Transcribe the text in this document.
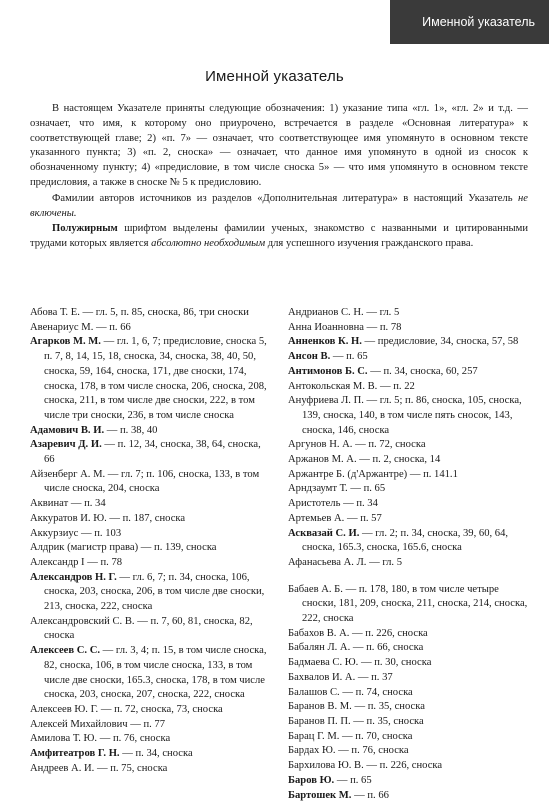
Именной указатель
Именной указатель

В настоящем Указателе приняты следующие обозначения: 1) указание типа «гл. 1», «гл. 2» и т.д. — означает, что имя, к которому оно приурочено, встречается в разделе «Основная литература» к соответствующей главе; 2) «п. 7» — означает, что соответствующее имя упомянуто в основном тексте указанного пункта; 3) «п. 2, сноска» — означает, что данное имя упомянуто в одной из сносок к обозначенному пункту; 4) «предисловие, в том числе сноска 5» — что имя упомянуто в основном тексте предисловия, а также в сноске № 5 к предисловию.

Фамилии авторов источников из разделов «Дополнительная литература» в настоящий Указатель не включены.

Полужирным шрифтом выделены фамилии ученых, знакомство с названными и цитированными трудами которых является абсолютно необходимым для успешного изучения гражданского права.

Абова Т. Е. — гл. 5, п. 85, сноска, 86, три сноски
Авенариус М. — п. 66
Агарков М. М. — гл. 1, 6, 7; предисловие, сноска 5, п. 7, 8, 14, 15, 18, сноска, 34, сноска, 38, 40, 50, сноска, 59, 164, сноска, 171, две сноски, 174, сноска, 178, в том числе сноска, 206, сноска, 208, сноска, 211, в том числе две сноски, 222, в том числе три сноски, 236, в том числе сноска
Адамович В. И. — п. 38, 40
Азаревич Д. И. — п. 12, 34, сноска, 38, 64, сноска, 66
Айзенберг А. М. — гл. 7; п. 106, сноска, 133, в том числе сноска, 204, сноска
Аквинат — п. 34
Аккуратов И. Ю. — п. 187, сноска
Аккурзиус — п. 103
Алдрик (магистр права) — п. 139, сноска
Александр I — п. 78
Александров Н. Г. — гл. 6, 7; п. 34, сноска, 106, сноска, 203, сноска, 206, в том числе две сноски, 213, сноска, 222, сноска
Александровский С. В. — п. 7, 60, 81, сноска, 82, сноска
Алексеев С. С. — гл. 3, 4; п. 15, в том числе сноска, 82, сноска, 106, в том числе сноска, 133, в том числе две сноски, 165.3, сноска, 178, в том числе сноска, 203, сноска, 207, сноска, 222, сноска
Алексеев Ю. Г. — п. 72, сноска, 73, сноска
Алексей Михайлович — п. 77
Амилова Т. Ю. — п. 76, сноска
Амфитеатров Г. Н. — п. 34, сноска
Андреев А. И. — п. 75, сноска
Андрианов С. Н. — гл. 5
Анна Иоанновна — п. 78
Анненков К. Н. — предисловие, 34, сноска, 57, 58
Ансон В. — п. 65
Антимонов Б. С. — п. 34, сноска, 60, 257
Антокольская М. В. — п. 22
Ануфриева Л. П. — гл. 5; п. 86, сноска, 105, сноска, 139, сноска, 140, в том числе пять сносок, 143, сноска, 146, сноска
Аргунов Н. А. — п. 72, сноска
Аржанов М. А. — п. 2, сноска, 14
Аржантре Б. (д'Аржантре) — п. 141.1
Арндзаумт Т. — п. 65
Аристотель — п. 34
Артемьев А. — п. 57
Асквазай С. И. — гл. 2; п. 34, сноска, 39, 60, 64, сноска, 165.3, сноска, 165.6, сноска
Афанасьева А. Л. — гл. 5
Бабаев А. Б. — п. 178, 180, в том числе четыре сноски, 181, 209, сноска, 211, сноска, 214, сноска, 222, сноска
Бабахов В. А. — п. 226, сноска
Бабалян Л. А. — п. 66, сноска
Бадмаева С. Ю. — п. 30, сноска
Бахвалов И. А. — п. 37
Балашов С. — п. 74, сноска
Баранов В. М. — п. 35, сноска
Баранов П. П. — п. 35, сноска
Барац Г. М. — п. 70, сноска
Бардах Ю. — п. 76, сноска
Бархилова Ю. В. — п. 226, сноска
Баров Ю. — п. 65
Бартошек М. — п. 66
